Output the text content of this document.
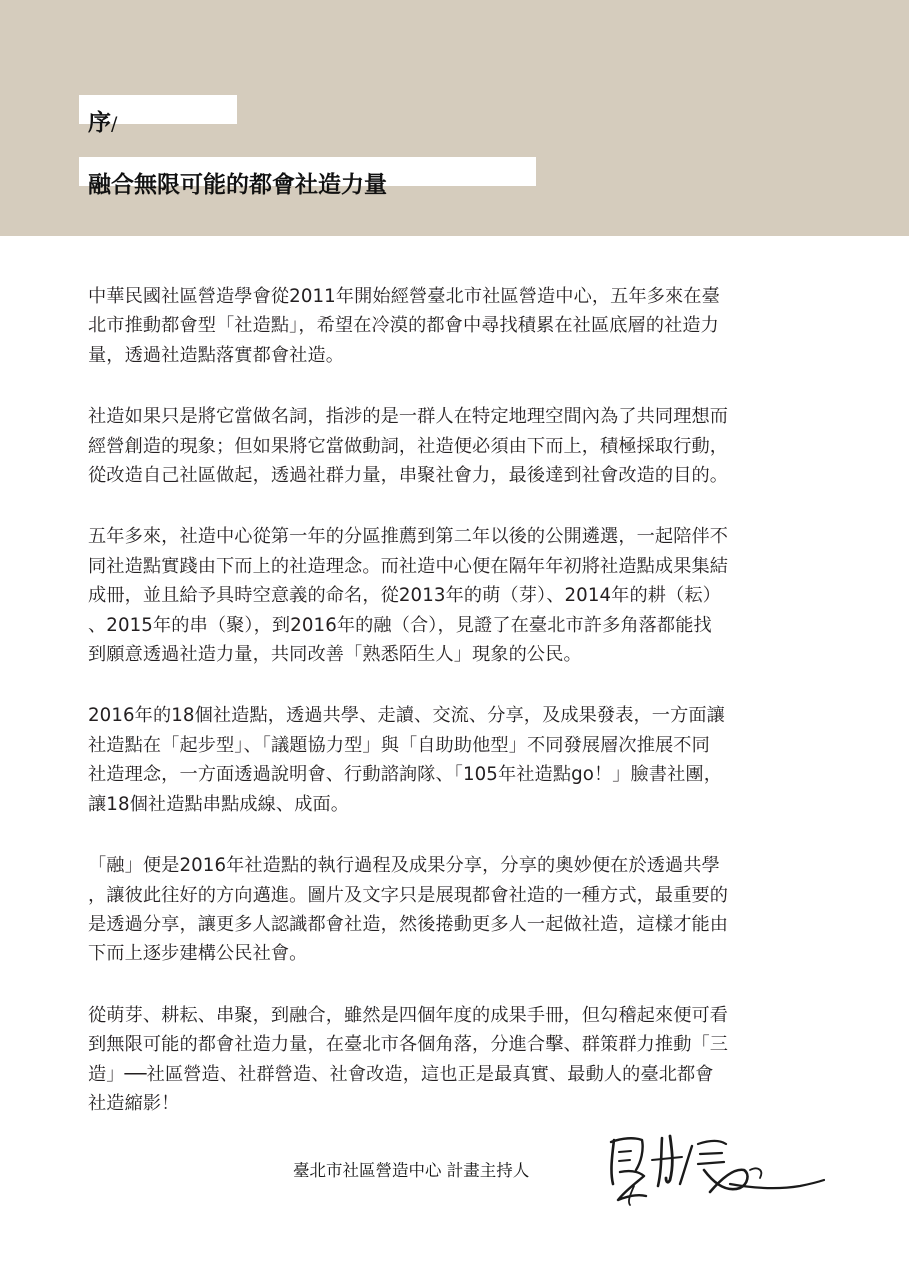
序/
融合無限可能的都會社造力量

中華民國社區營造學會從2011年開始經營臺北市社區營造中心，五年多來在臺
北市推動都會型「社造點」，希望在冷漠的都會中尋找積累在社區底層的社造力
量，透過社造點落實都會社造。

社造如果只是將它當做名詞，指涉的是一群人在特定地理空間內為了共同理想而
經營創造的現象；但如果將它當做動詞，社造便必須由下而上，積極採取行動，
從改造自己社區做起，透過社群力量，串聚社會力，最後達到社會改造的目的。

五年多來，社造中心從第一年的分區推薦到第二年以後的公開遴選，一起陪伴不
同社造點實踐由下而上的社造理念。而社造中心便在隔年年初將社造點成果集結
成冊，並且給予具時空意義的命名，從2013年的萌（芽）、2014年的耕（耘）
、2015年的串（聚），到2016年的融（合），見證了在臺北市許多角落都能找
到願意透過社造力量，共同改善「熟悉陌生人」現象的公民。

2016年的18個社造點，透過共學、走讀、交流、分享，及成果發表，一方面讓
社造點在「起步型」、「議題協力型」與「自助助他型」不同發展層次推展不同
社造理念，一方面透過說明會、行動諮詢隊、「105年社造點go！」臉書社團，
讓18個社造點串點成線、成面。

「融」便是2016年社造點的執行過程及成果分享，分享的奧妙便在於透過共學
，讓彼此往好的方向邁進。圖片及文字只是展現都會社造的一種方式，最重要的
是透過分享，讓更多人認識都會社造，然後捲動更多人一起做社造，這樣才能由
下而上逐步建構公民社會。

從萌芽、耕耘、串聚，到融合，雖然是四個年度的成果手冊，但勾稽起來便可看
到無限可能的都會社造力量，在臺北市各個角落，分進合擊、群策群力推動「三
造」──社區營造、社群營造、社會改造，這也正是最真實、最動人的臺北都會
社造縮影！

臺北市社區營造中心 計畫主持人
